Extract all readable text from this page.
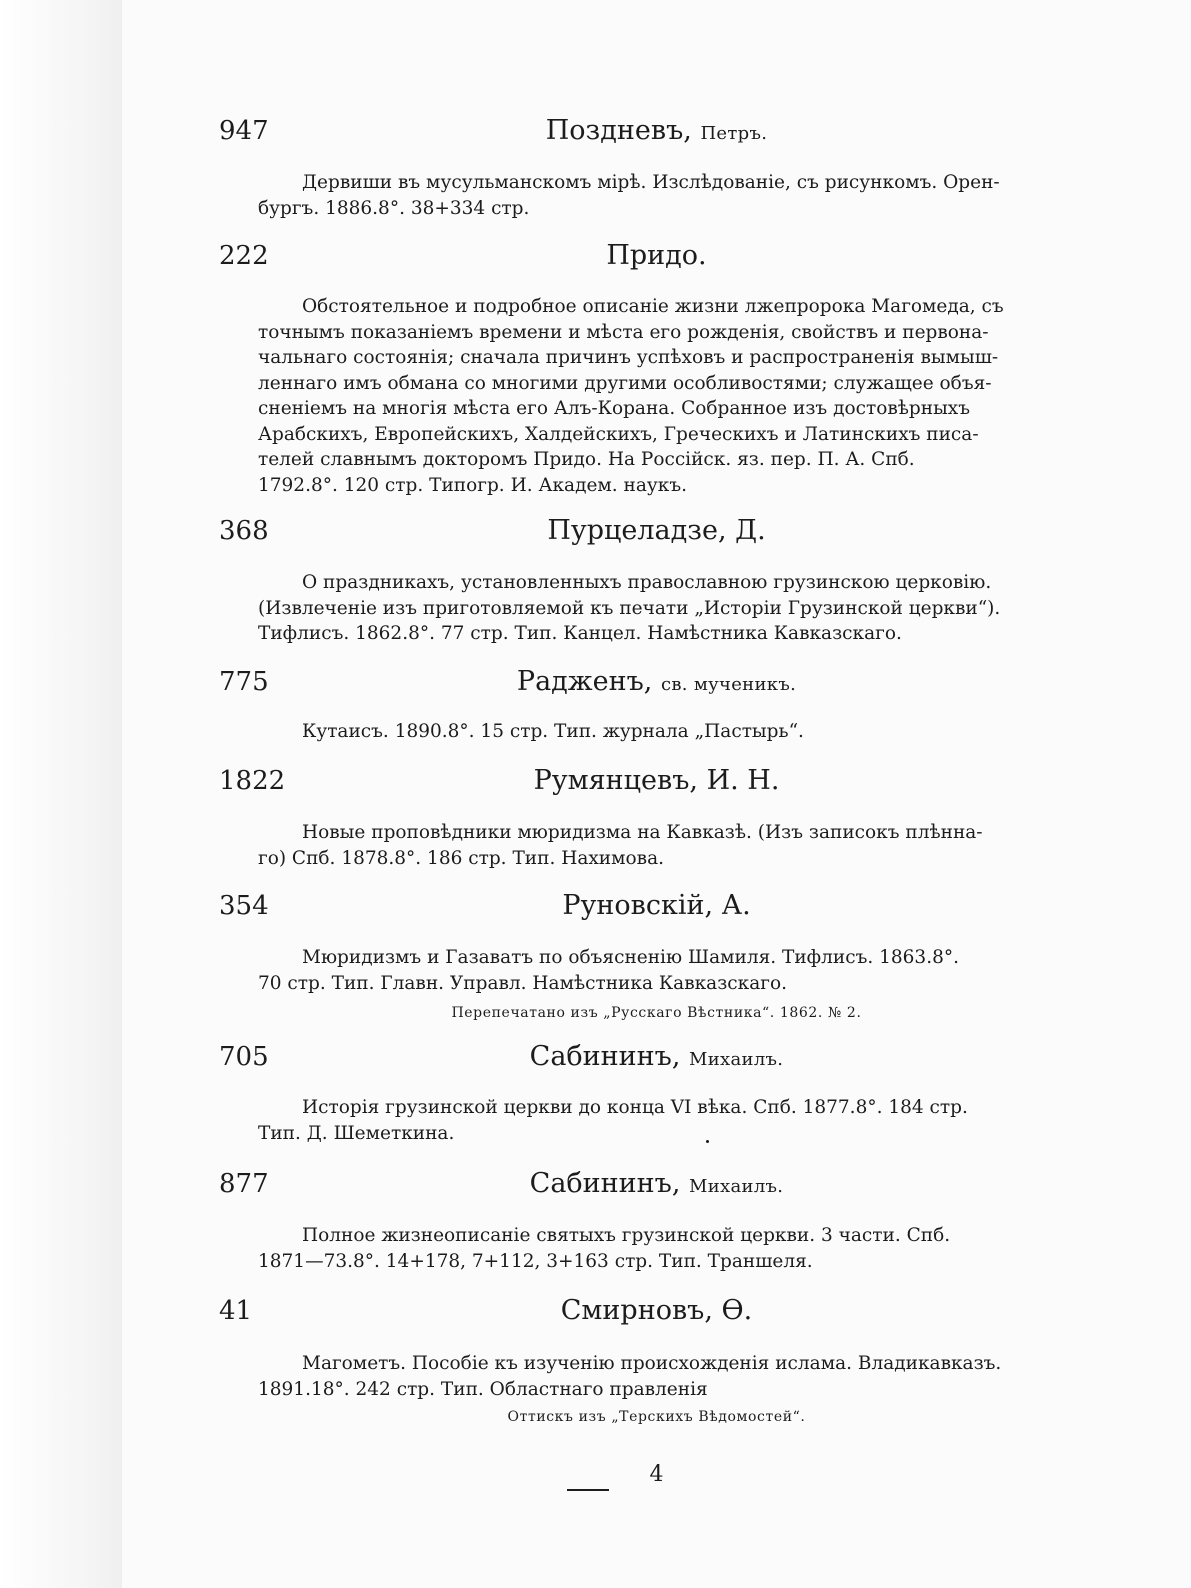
947	Поздневъ, Петръ.
Дервиши въ мусульманскомъ мірѣ. Изслѣдованіе, съ рисункомъ. Орен-
бургъ. 1886.8°. 38+334 стр.
222	Придо.
Обстоятельное и подробное описаніе жизни лжепророка Магомеда, съ
точнымъ показаніемъ времени и мѣста его рожденія, свойствъ и первона-
чальнаго состоянія; сначала причинъ успѣховъ и распространенія вымыш-
леннаго имъ обмана со многими другими особливостями; служащее объя-
сненіемъ на многія мѣста его Алъ-Корана. Собранное изъ достовѣрныхъ
Арабскихъ, Европейскихъ, Халдейскихъ, Греческихъ и Латинскихъ писа-
телей славнымъ докторомъ Придо. На Россійск. яз. пер. П. А. Спб.
1792.8°. 120 стр. Типогр. И. Академ. наукъ.
368	Пурцеладзе, Д.
О праздникахъ, установленныхъ православною грузинскою церковію.
(Извлеченіе изъ приготовляемой къ печати „Исторіи Грузинской церкви“).
Тифлисъ. 1862.8°. 77 стр. Тип. Канцел. Намѣстника Кавказскаго.
775	Радженъ, св. мученикъ.
Кутаисъ. 1890.8°. 15 стр. Тип. журнала „Пастырь“.
1822	Румянцевъ, И. Н.
Новые проповѣдники мюридизма на Кавказѣ. (Изъ записокъ плѣнна-
го) Спб. 1878.8°. 186 стр. Тип. Нахимова.
354	Руновскій, А.
Мюридизмъ и Газаватъ по объясненію Шамиля. Тифлисъ. 1863.8°.
70 стр. Тип. Главн. Управл. Намѣстника Кавказскаго.
Перепечатано изъ „Русскаго Вѣстника“. 1862. № 2.
705	Сабининъ, Михаилъ.
Исторія грузинской церкви до конца VI вѣка. Спб. 1877.8°. 184 стр.
Тип. Д. Шеметкина.
877	Сабининъ, Михаилъ.
Полное жизнеописаніе святыхъ грузинской церкви. 3 части. Спб.
1871—73.8°. 14+178, 7+112, 3+163 стр. Тип. Траншеля.
41	Смирновъ, Ѳ.
Магометъ. Пособіе къ изученію происхожденія ислама. Владикавказъ.
1891.18°. 242 стр. Тип. Областнаго правленія
Оттискъ изъ „Терскихъ Вѣдомостей“.
4
